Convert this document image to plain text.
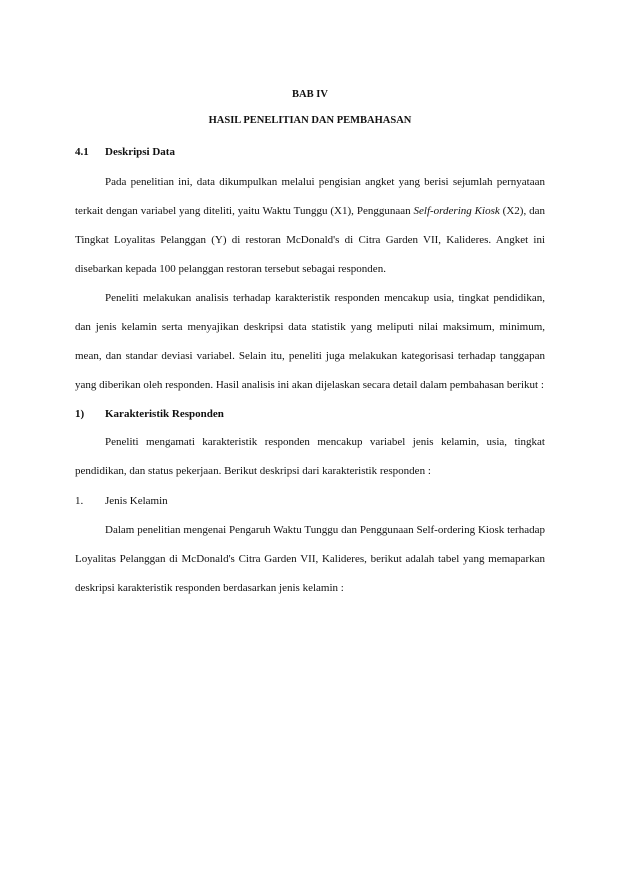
BAB IV

HASIL PENELITIAN DAN PEMBAHASAN

4.1	Deskripsi Data

Pada penelitian ini, data dikumpulkan melalui pengisian angket yang berisi sejumlah pernyataan terkait dengan variabel yang diteliti, yaitu Waktu Tunggu (X1), Penggunaan Self-ordering Kiosk (X2), dan Tingkat Loyalitas Pelanggan (Y) di restoran McDonald's di Citra Garden VII, Kalideres. Angket ini disebarkan kepada 100 pelanggan restoran tersebut sebagai responden.

Peneliti melakukan analisis terhadap karakteristik responden mencakup usia, tingkat pendidikan, dan jenis kelamin serta menyajikan deskripsi data statistik yang meliputi nilai maksimum, minimum, mean, dan standar deviasi variabel. Selain itu, peneliti juga melakukan kategorisasi terhadap tanggapan yang diberikan oleh responden. Hasil analisis ini akan dijelaskan secara detail dalam pembahasan berikut :

1)	Karakteristik Responden

Peneliti mengamati karakteristik responden mencakup variabel jenis kelamin, usia, tingkat pendidikan, dan status pekerjaan. Berikut deskripsi dari karakteristik responden :

1.	Jenis Kelamin

Dalam penelitian mengenai Pengaruh Waktu Tunggu dan Penggunaan Self-ordering Kiosk terhadap Loyalitas Pelanggan di McDonald's Citra Garden VII, Kalideres, berikut adalah tabel yang memaparkan deskripsi karakteristik responden berdasarkan jenis kelamin :
